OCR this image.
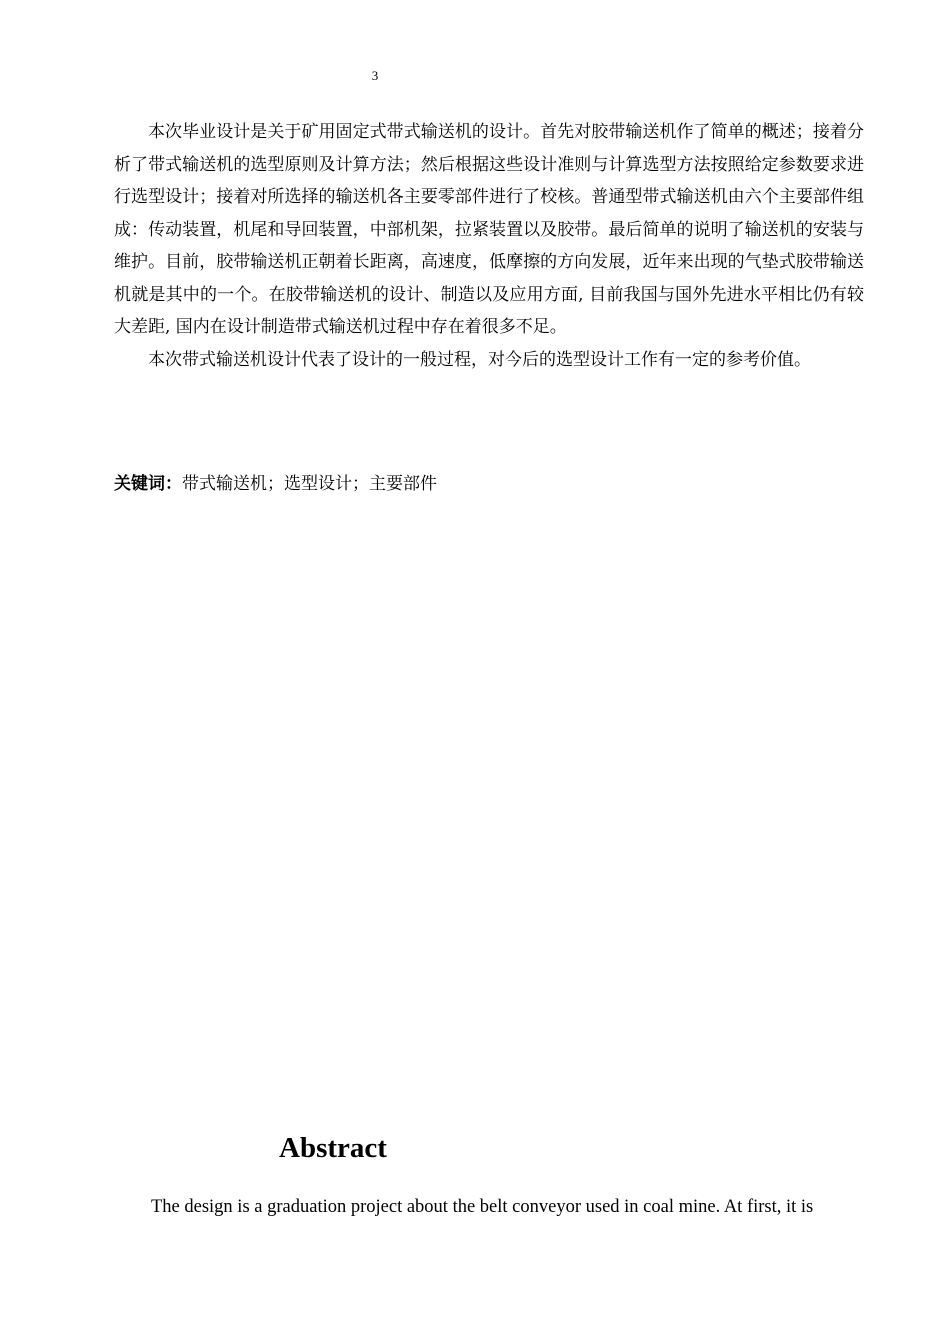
3

本次毕业设计是关于矿用固定式带式输送机的设计。首先对胶带输送机作了简单的概述；接着分析了带式输送机的选型原则及计算方法；然后根据这些设计准则与计算选型方法按照给定参数要求进行选型设计；接着对所选择的输送机各主要零部件进行了校核。普通型带式输送机由六个主要部件组成：传动装置，机尾和导回装置，中部机架，拉紧装置以及胶带。最后简单的说明了输送机的安装与维护。目前，胶带输送机正朝着长距离，高速度，低摩擦的方向发展，近年来出现的气垫式胶带输送机就是其中的一个。在胶带输送机的设计、制造以及应用方面, 目前我国与国外先进水平相比仍有较大差距, 国内在设计制造带式输送机过程中存在着很多不足。

本次带式输送机设计代表了设计的一般过程，对今后的选型设计工作有一定的参考价值。

关键词：带式输送机；选型设计；主要部件
Abstract

The design is a graduation project about the belt conveyor used in coal mine. At first, it is
